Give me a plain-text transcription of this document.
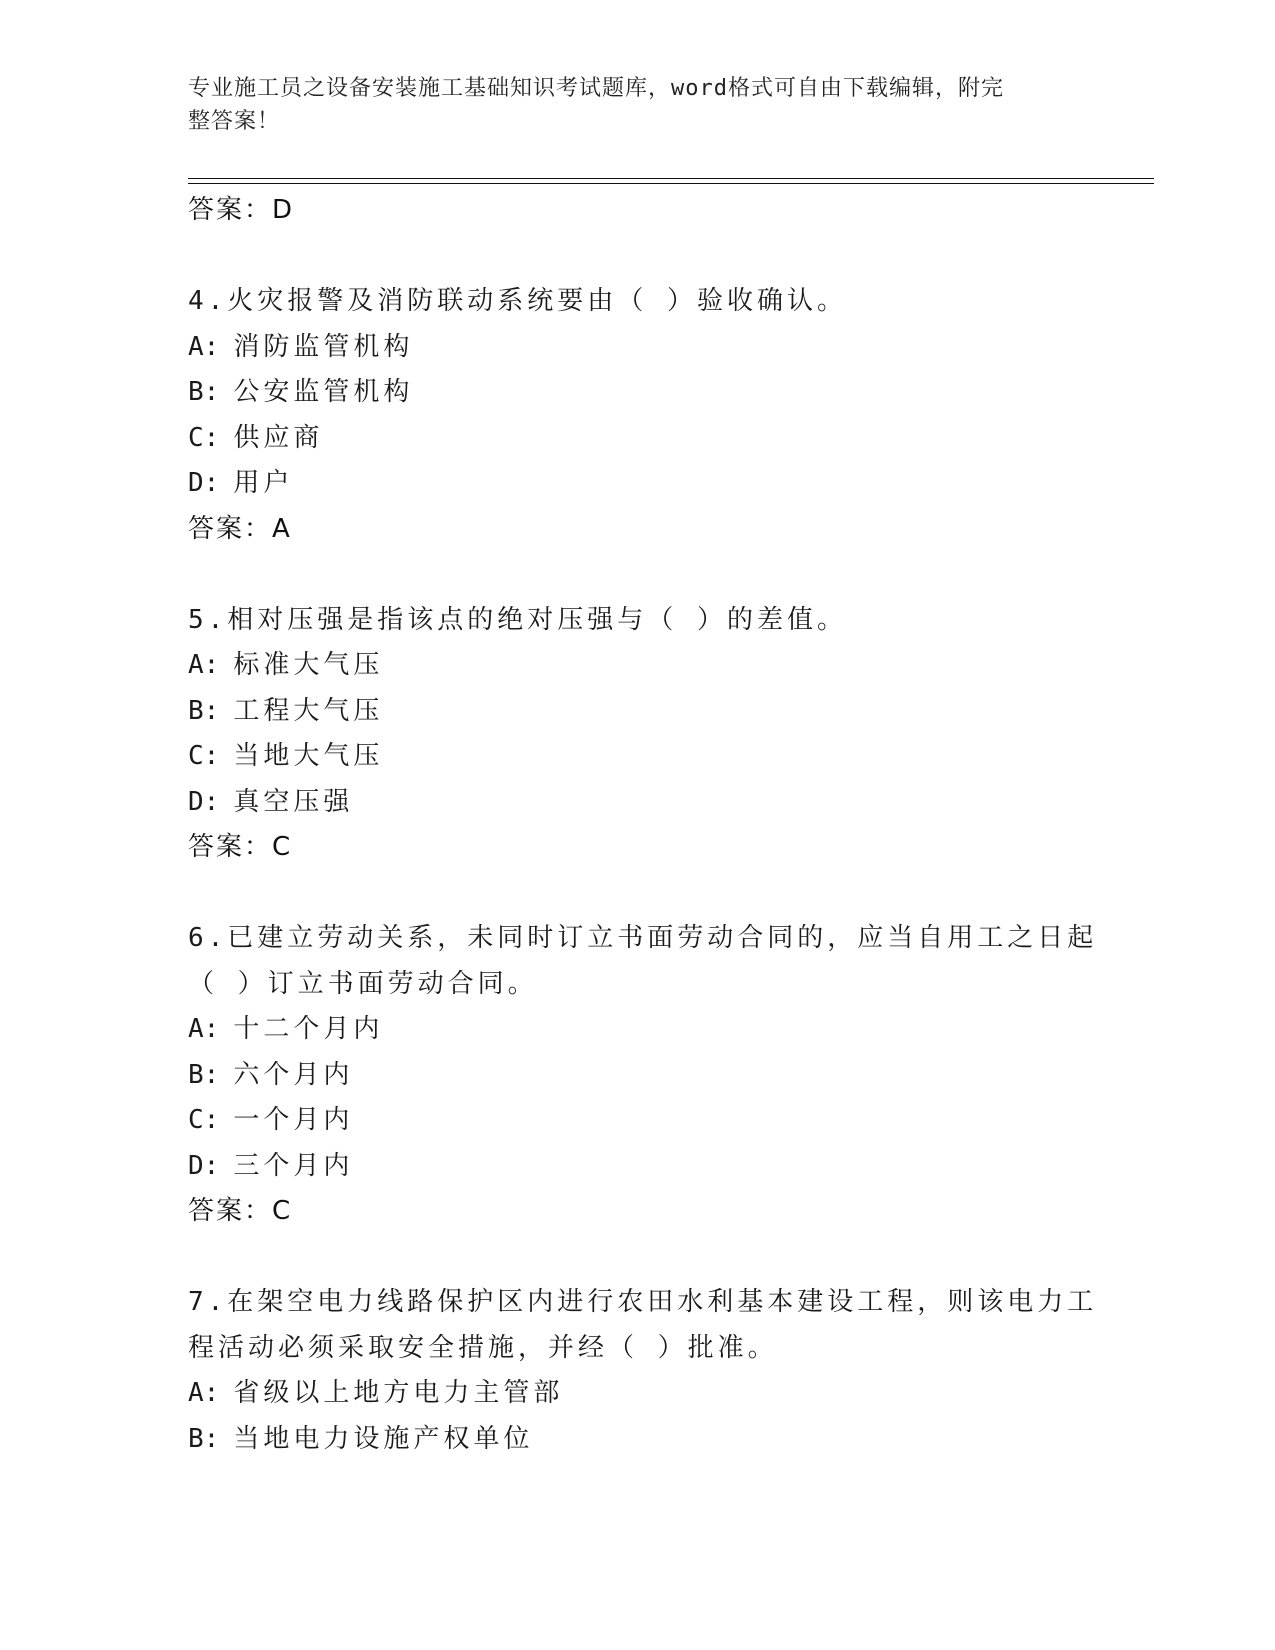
专业施工员之设备安装施工基础知识考试题库，word格式可自由下载编辑，附完
整答案！
答案：D
4.火灾报警及消防联动系统要由（ ）验收确认。
A: 消防监管机构
B: 公安监管机构
C: 供应商
D: 用户
答案：A
5.相对压强是指该点的绝对压强与（ ）的差值。
A: 标准大气压
B: 工程大气压
C: 当地大气压
D: 真空压强
答案：C
6.已建立劳动关系，未同时订立书面劳动合同的，应当自用工之日起
（ ）订立书面劳动合同。
A: 十二个月内
B: 六个月内
C: 一个月内
D: 三个月内
答案：C
7.在架空电力线路保护区内进行农田水利基本建设工程，则该电力工
程活动必须采取安全措施，并经（ ）批准。
A: 省级以上地方电力主管部
B: 当地电力设施产权单位
